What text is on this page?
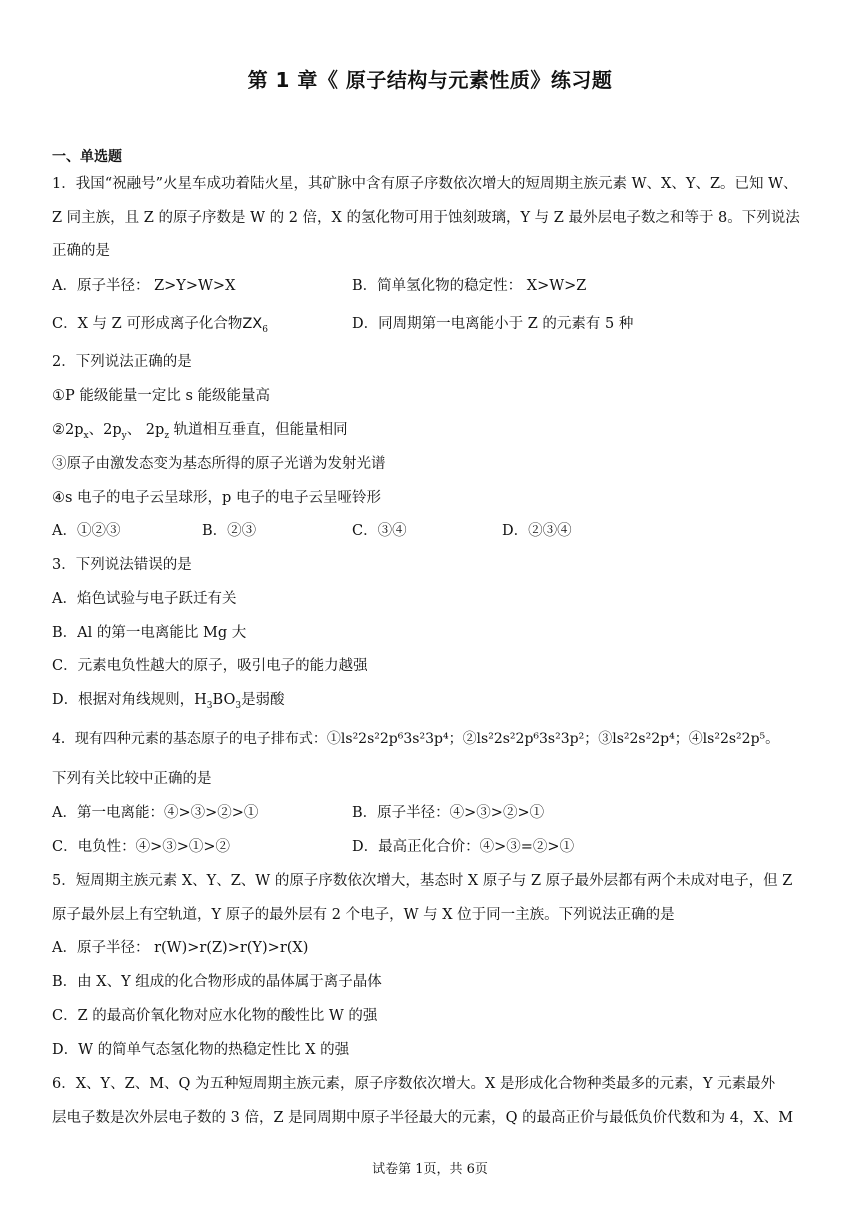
第 1 章《 原子结构与元素性质》练习题
一、单选题
1．我国“祝融号”火星车成功着陆火星，其矿脉中含有原子序数依次增大的短周期主族元素 W、X、Y、Z。已知 W、
Z 同主族，且 Z 的原子序数是 W 的 2 倍，X 的氢化物可用于蚀刻玻璃，Y 与 Z 最外层电子数之和等于 8。下列说法
正确的是
A．原子半径： Z>Y>W>X	B．简单氢化物的稳定性： X>W>Z
C．X 与 Z 可形成离子化合物$ZX_6$	D．同周期第一电离能小于 Z 的元素有 5 种
2．下列说法正确的是
①P 能级能量一定比 s 能级能量高
$②2p_x$、$2p_y$、 $2p_z$ 轨道相互垂直，但能量相同
③原子由激发态变为基态所得的原子光谱为发射光谱
④s 电子的电子云呈球形，p 电子的电子云呈哑铃形
A．①②③	B．②③	C．③④	D．②③④
3．下列说法错误的是
A．焰色试验与电子跃迁有关
B．Al 的第一电离能比 Mg 大
C．元素电负性越大的原子，吸引电子的能力越强
D．根据对角线规则，$H_3BO_3$是弱酸
4．现有四种元素的基态原子的电子排布式：①ls²2s²2p⁶3s²3p⁴；②ls²2s²2p⁶3s²3p²；③ls²2s²2p⁴；④ls²2s²2p⁵。
下列有关比较中正确的是
A．第一电离能：④>③>②>①	B．原子半径：④>③>②>①
C．电负性：④>③>①>②	D．最高正化合价：④>③=②>①
5．短周期主族元素 X、Y、Z、W 的原子序数依次增大，基态时 X 原子与 Z 原子最外层都有两个未成对电子，但 Z
原子最外层上有空轨道，Y 原子的最外层有 2 个电子，W 与 X 位于同一主族。下列说法正确的是
A．原子半径： r(W)>r(Z)>r(Y)>r(X)
B．由 X、Y 组成的化合物形成的晶体属于离子晶体
C．Z 的最高价氧化物对应水化物的酸性比 W 的强
D．W 的简单气态氢化物的热稳定性比 X 的强
6．X、Y、Z、M、Q 为五种短周期主族元素，原子序数依次增大。X 是形成化合物种类最多的元素，Y 元素最外
层电子数是次外层电子数的 3 倍，Z 是同周期中原子半径最大的元素，Q 的最高正价与最低负价代数和为 4，X、M
试卷第 1页，共 6页
